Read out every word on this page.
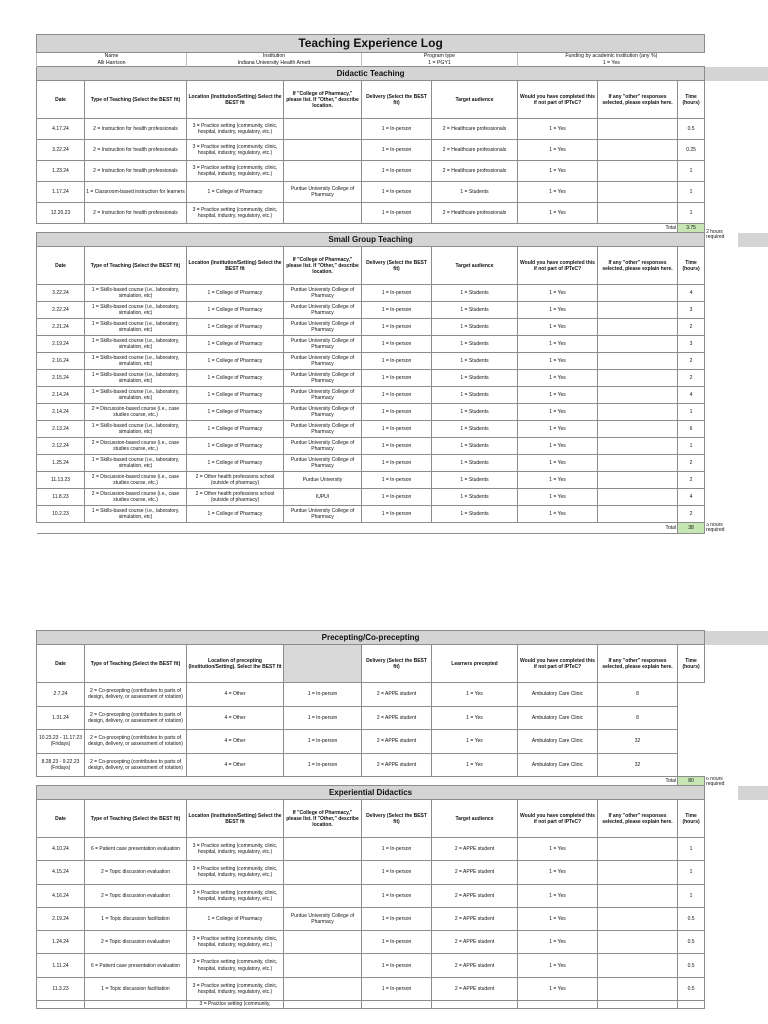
Teaching Experience Log										
Name		Institution		Program type		Funding by academic institution (any %)				
Alli Harrison		Indiana University Health Arnett		1 = PGY1		1 = Yes				
Didactic Teaching										
Date	Type of Teaching (Select the BEST fit)	Location (Institution/Setting) Select the BEST fit	If "College of Pharmacy," please list. If "Other," describe location.	Delivery (Select the BEST fit)	Target audience	Would you have completed this if not part of IPTeC?	If any "other" responses selected, please explain here.	Time (hours)		
4.17.24	2 = Instruction for health professionals	3 = Practice setting (community, clinic, hospital, industry, regulatory, etc.)		1 = In-person	2 = Healthcare professionals	1 = Yes		0.5		
3.22.24	2 = Instruction for health professionals	3 = Practice setting (community, clinic, hospital, industry, regulatory, etc.)		1 = In-person	2 = Healthcare professionals	1 = Yes		0.25		
1.23.24	2 = Instruction for health professionals	3 = Practice setting (community, clinic, hospital, industry, regulatory, etc.)		1 = In-person	2 = Healthcare professionals	1 = Yes		1		
1.17.24	1 = Classroom-based instruction for learners	1 = College of Pharmacy	Purdue University College of Pharmacy	1 = In-person	1 = Students	1 = Yes		1		
12.20.23	2 = Instruction for health professionals	3 = Practice setting (community, clinic, hospital, industry, regulatory, etc.)		1 = In-person	2 = Healthcare professionals	1 = Yes		1		
Total								3.75	2 hours required	
Small Group Teaching										
Date	Type of Teaching (Select the BEST fit)	Location (Institution/Setting) Select the BEST fit	If "College of Pharmacy," please list. If "Other," describe location.	Delivery (Select the BEST fit)	Target audience	Would you have completed this if not part of IPTeC?	If any "other" responses selected, please explain here.	Time (hours)		
3.22.24	1 = Skills-based course (i.e., laboratory, simulation, etc)	1 = College of Pharmacy	Purdue University College of Pharmacy	1 = In-person	1 = Students	1 = Yes		4		
2.22.24	1 = Skills-based course (i.e., laboratory, simulation, etc)	1 = College of Pharmacy	Purdue University College of Pharmacy	1 = In-person	1 = Students	1 = Yes		3		
2.21.24	1 = Skills-based course (i.e., laboratory, simulation, etc)	1 = College of Pharmacy	Purdue University College of Pharmacy	1 = In-person	1 = Students	1 = Yes		2		
2.19.24	1 = Skills-based course (i.e., laboratory, simulation, etc)	1 = College of Pharmacy	Purdue University College of Pharmacy	1 = In-person	1 = Students	1 = Yes		3		
2.16.24	1 = Skills-based course (i.e., laboratory, simulation, etc)	1 = College of Pharmacy	Purdue University College of Pharmacy	1 = In-person	1 = Students	1 = Yes		2		
2.15.24	1 = Skills-based course (i.e., laboratory, simulation, etc)	1 = College of Pharmacy	Purdue University College of Pharmacy	1 = In-person	1 = Students	1 = Yes		2		
2.14.24	1 = Skills-based course (i.e., laboratory, simulation, etc)	1 = College of Pharmacy	Purdue University College of Pharmacy	1 = In-person	1 = Students	1 = Yes		4		
2.14.24	2 = Discussion-based course (i.e., case studies course, etc.)	1 = College of Pharmacy	Purdue University College of Pharmacy	1 = In-person	1 = Students	1 = Yes		1		
2.13.24	1 = Skills-based course (i.e., laboratory, simulation, etc)	1 = College of Pharmacy	Purdue University College of Pharmacy	1 = In-person	1 = Students	1 = Yes		6		
2.12.24	2 = Discussion-based course (i.e., case studies course, etc.)	1 = College of Pharmacy	Purdue University College of Pharmacy	1 = In-person	1 = Students	1 = Yes		1		
1.25.24	1 = Skills-based course (i.e., laboratory, simulation, etc)	1 = College of Pharmacy	Purdue University College of Pharmacy	1 = In-person	1 = Students	1 = Yes		2		
11.13.23	2 = Discussion-based course (i.e., case studies course, etc.)	2 = Other health professions school (outside of pharmacy)	Purdue University	1 = In-person	1 = Students	1 = Yes		2		
11.8.23	2 = Discussion-based course (i.e., case studies course, etc.)	2 = Other health professions school (outside of pharmacy)	IUPUI	1 = In-person	1 = Students	1 = Yes		4		
10.2.23	1 = Skills-based course (i.e., laboratory, simulation, etc)	1 = College of Pharmacy	Purdue University College of Pharmacy	1 = In-person	1 = Students	1 = Yes		2		
Total								38	3 hours required	
Precepting/Co-precepting										
Date	Type of Teaching (Select the BEST fit)	Location of precepting (Institution/Setting). Select the BEST fit		Delivery (Select the BEST fit)	Learners precepted	Would you have completed this if not part of IPTeC?	If any "other" responses selected, please explain here.	Time (hours)		
2.7.24	2 = Co-precepting (contributes to parts of design, delivery, or assessment of rotation)	4 = Other	1 = In-person	2 = APPE student	1 = Yes	Ambulatory Care Clinic	8			
1.31.24	2 = Co-precepting (contributes to parts of design, delivery, or assessment of rotation)	4 = Other	1 = In-person	2 = APPE student	1 = Yes	Ambulatory Care Clinic	8			
10.23.23 - 11.17.23 (Fridays)	2 = Co-precepting (contributes to parts of design, delivery, or assessment of rotation)	4 = Other	1 = In-person	2 = APPE student	1 = Yes	Ambulatory Care Clinic	32			
8.28.23 - 9.22.23 (Fridays)	2 = Co-precepting (contributes to parts of design, delivery, or assessment of rotation)	4 = Other	1 = In-person	2 = APPE student	1 = Yes	Ambulatory Care Clinic	32			
Total								80	6 hours required	
Experiential Didactics										
Date	Type of Teaching (Select the BEST fit)	Location (Institution/Setting) Select the BEST fit	If "College of Pharmacy," please list. If "Other," describe location.	Delivery (Select the BEST fit)	Target audience	Would you have completed this if not part of IPTeC?	If any "other" responses selected, please explain here.	Time (hours)		
4.10.24	6 = Patient case presentation evaluation	3 = Practice setting (community, clinic, hospital, industry, regulatory, etc.)		1 = In-person	2 = APPE student	1 = Yes		1		
4.15.24	2 = Topic discussion evaluation	3 = Practice setting (community, clinic, hospital, industry, regulatory, etc.)		1 = In-person	2 = APPE student	1 = Yes		1		
4.16.24	2 = Topic discussion evaluation	3 = Practice setting (community, clinic, hospital, industry, regulatory, etc.)		1 = In-person	2 = APPE student	1 = Yes		1		
2.19.24	1 = Topic discussion facilitation	1 = College of Pharmacy	Purdue University College of Pharmacy	1 = In-person	2 = APPE student	1 = Yes		0.5		
1.24.24	2 = Topic discussion evaluation	3 = Practice setting (community, clinic, hospital, industry, regulatory, etc.)		1 = In-person	2 = APPE student	1 = Yes		0.5		
1.11.24	6 = Patient case presentation evaluation	3 = Practice setting (community, clinic, hospital, industry, regulatory, etc.)		1 = In-person	2 = APPE student	1 = Yes		0.5		
11.3.23	1 = Topic discussion facilitation	3 = Practice setting (community, clinic, hospital, industry, regulatory, etc.)		1 = In-person	2 = APPE student	1 = Yes		0.5		
		3 = Practice setting (community,								
